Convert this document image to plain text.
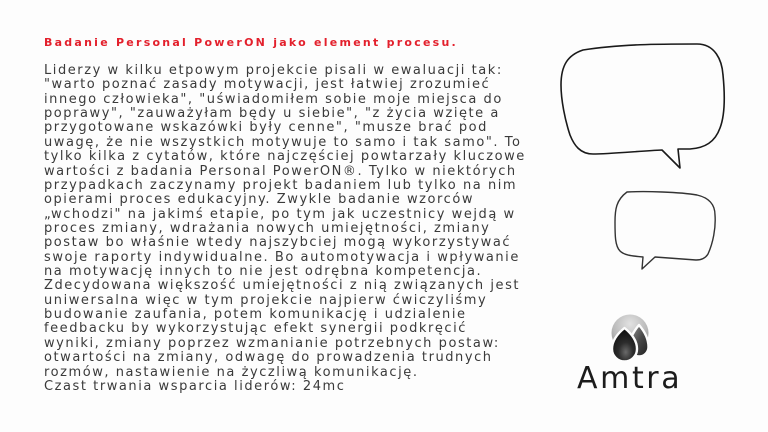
Badanie Personal PowerON jako element procesu.
Liderzy w kilku etpowym projekcie pisali w ewaluacji tak:
"warto poznać zasady motywacji, jest łatwiej zrozumieć
innego człowieka", "uświadomiłem sobie moje miejsca do
poprawy", "zauważyłam będy u siebie", "z życia wzięte a
przygotowane wskazówki były cenne", "musze brać pod
uwagę, że nie wszystkich motywuje to samo i tak samo". To
tylko kilka z cytatów, które najczęściej powtarzały kluczowe
wartości z badania Personal PowerON®. Tylko w niektórych
przypadkach zaczynamy projekt badaniem lub tylko na nim
opierami proces edukacyjny. Zwykle badanie wzorców
„wchodzi" na jakimś etapie, po tym jak uczestnicy wejdą w
proces zmiany, wdrażania nowych umiejętności, zmiany
postaw bo właśnie wtedy najszybciej mogą wykorzystywać
swoje raporty indywidualne. Bo automotywacja i wpływanie
na motywację innych to nie jest odrębna kompetencja.
Zdecydowana większość umiejętności z nią związanych jest
uniwersalna więc w tym projekcie najpierw ćwiczyliśmy
budowanie zaufania, potem komunikację i udzialenie
feedbacku by wykorzystując efekt synergii podkręcić
wyniki, zmiany poprzez wzmanianie potrzebnych postaw:
otwartości na zmiany, odwagę do prowadzenia trudnych
rozmów, nastawienie na życzliwą komunikację.
Czast trwania wsparcia liderów: 24mc	Amtra
